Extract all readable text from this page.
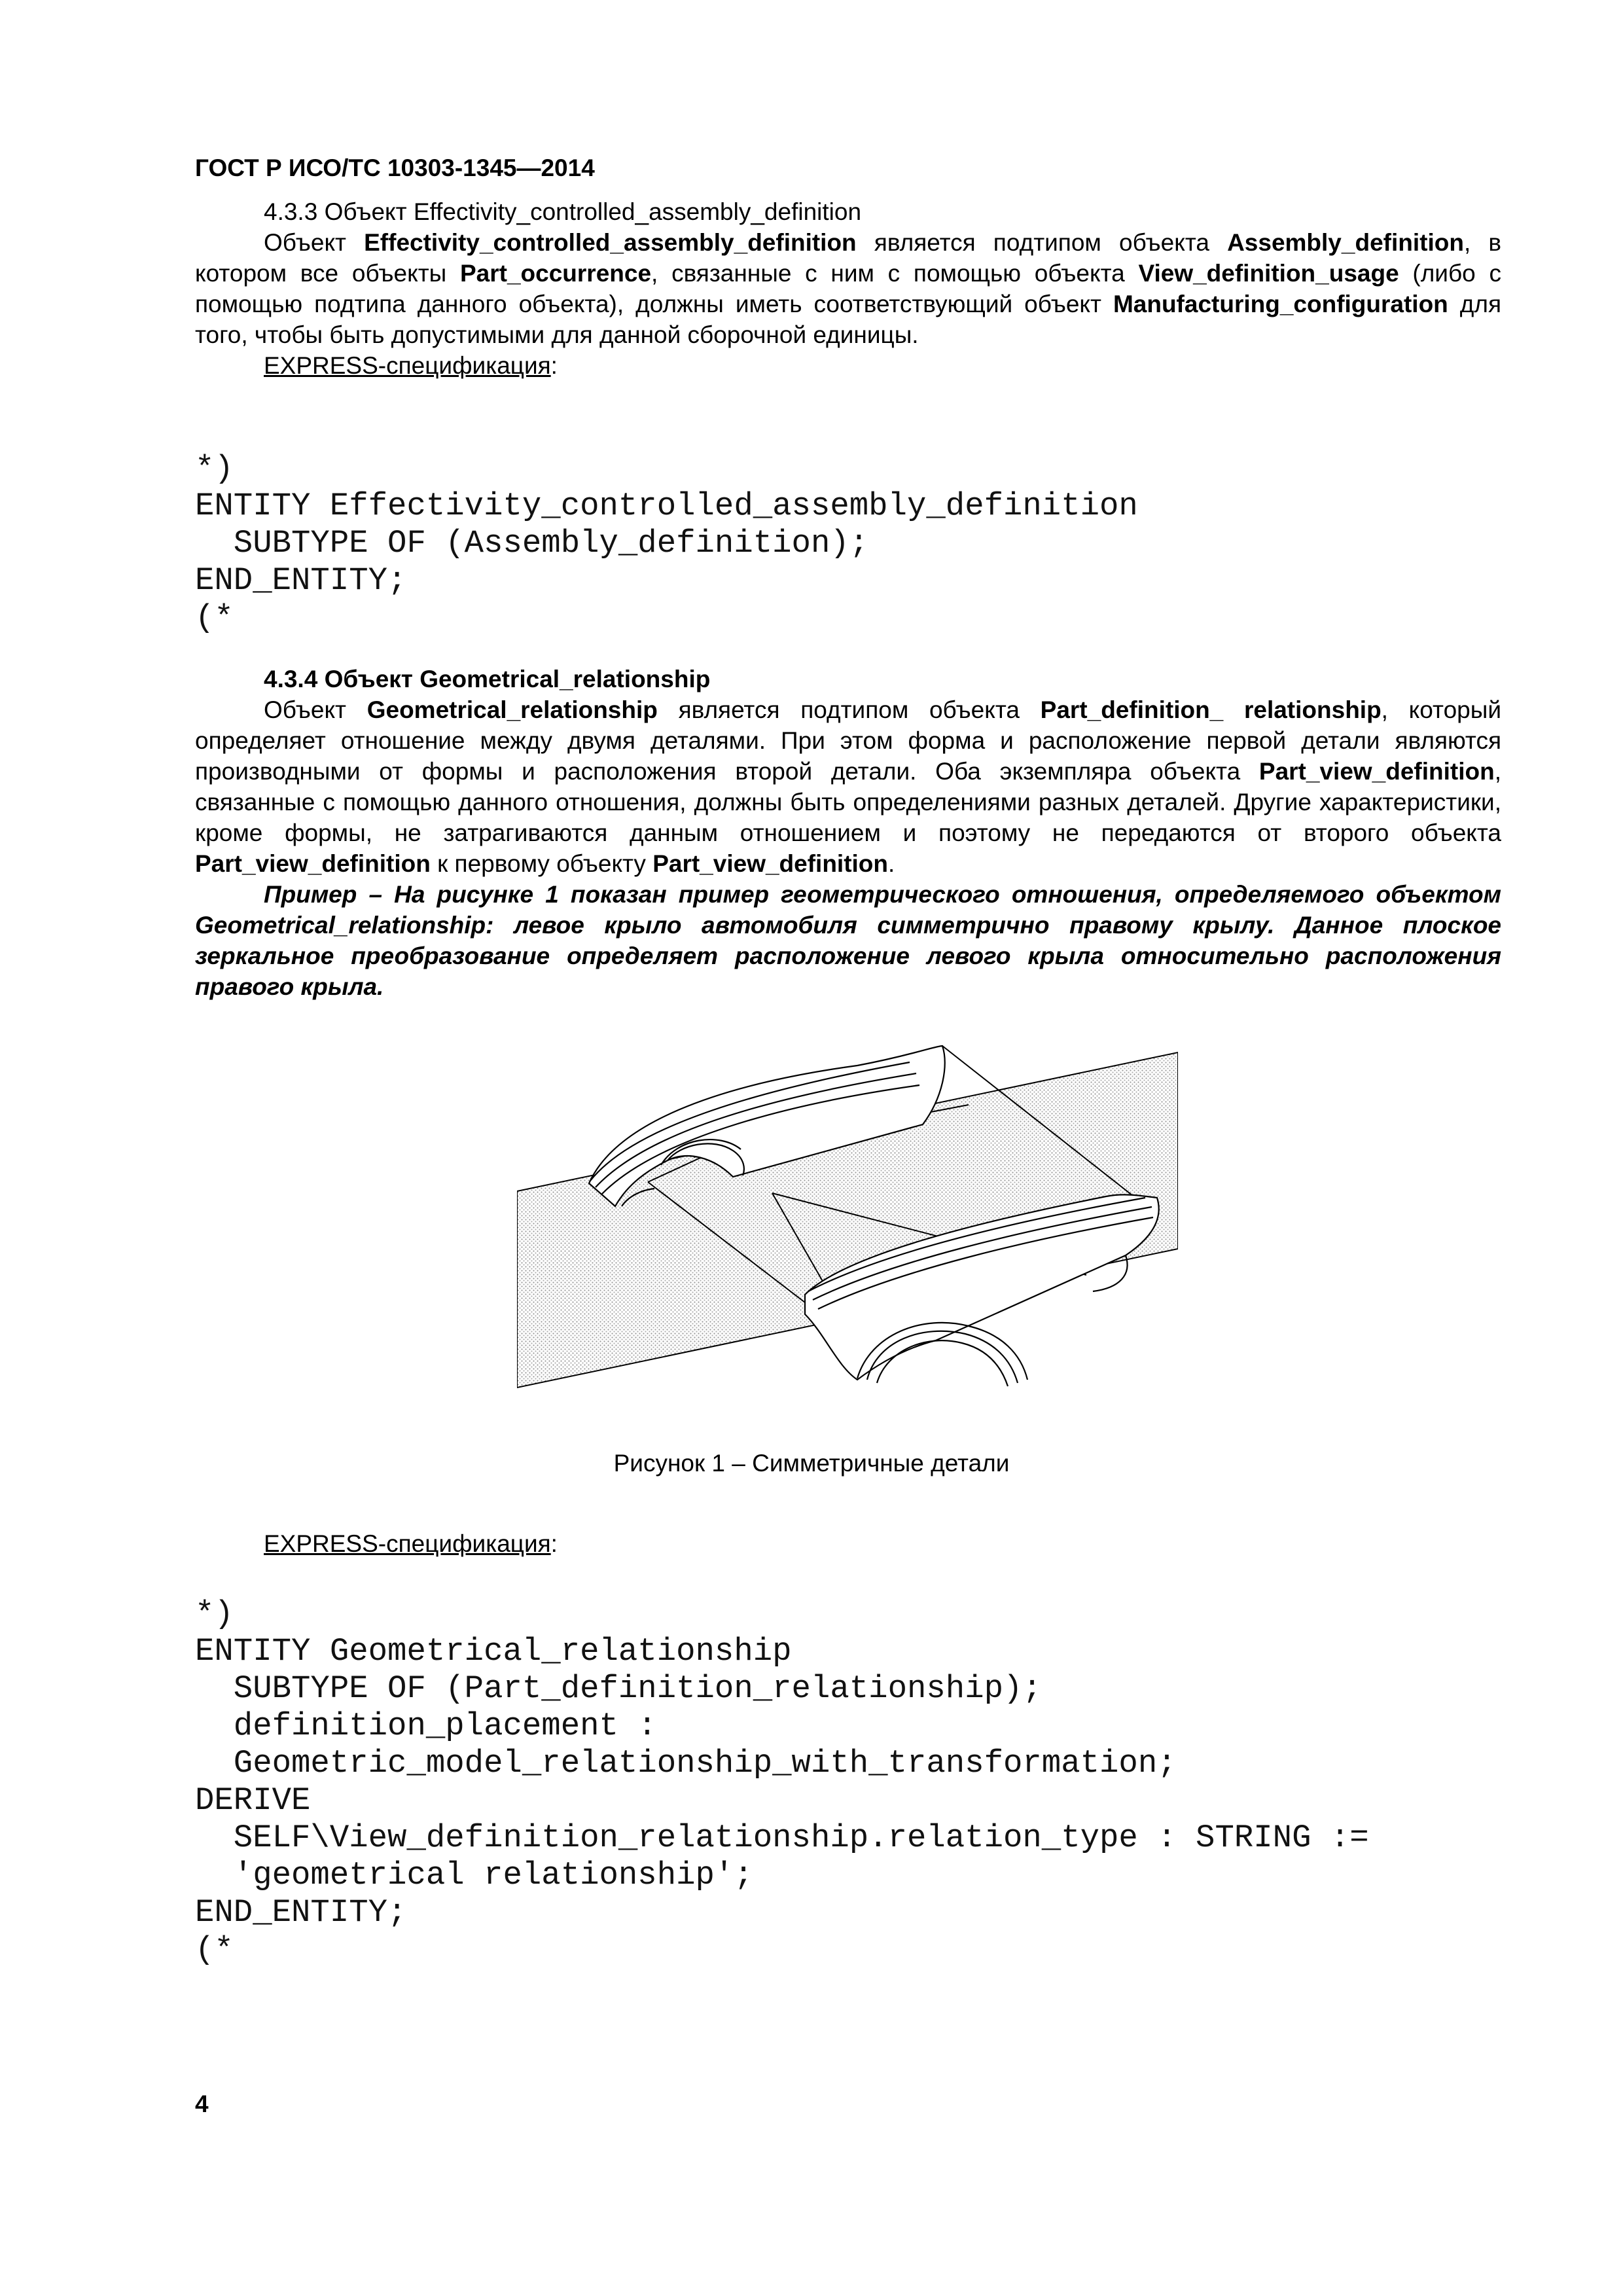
ГОСТ Р ИСО/ТС 10303-1345—2014

4.3.3 Объект Effectivity_controlled_assembly_definition

Объект Effectivity_controlled_assembly_definition является подтипом объекта Assembly_definition, в котором все объекты Part_occurrence, связанные с ним с помощью объекта View_definition_usage (либо с помощью подтипа данного объекта), должны иметь соответствующий объект Manufacturing_configuration для того, чтобы быть допустимыми для данной сборочной единицы.

EXPRESS-спецификация:

*)
ENTITY Effectivity_controlled_assembly_definition
SUBTYPE OF (Assembly_definition);
END_ENTITY;
(*

4.3.4 Объект Geometrical_relationship

Объект Geometrical_relationship является подтипом объекта Part_definition_ relationship, который определяет отношение между двумя деталями. При этом форма и расположение первой детали являются производными от формы и расположения второй детали. Оба экземпляра объекта Part_view_definition, связанные с помощью данного отношения, должны быть определениями разных деталей. Другие характеристики, кроме формы, не затрагиваются данным отношением и поэтому не передаются от второго объекта Part_view_definition к первому объекту Part_view_definition.

Пример – На рисунке 1 показан пример геометрического отношения, определяемого объектом Geometrical_relationship: левое крыло автомобиля симметрично правому крылу. Данное плоское зеркальное преобразование определяет расположение левого крыла относительно расположения правого крыла.

Рисунок 1 – Симметричные детали
EXPRESS-спецификация:
*)
ENTITY Geometrical_relationship
SUBTYPE OF (Part_definition_relationship);
definition_placement :
Geometric_model_relationship_with_transformation;
DERIVE
SELF\View_definition_relationship.relation_type : STRING :=
'geometrical relationship';
END_ENTITY;
(*
4
